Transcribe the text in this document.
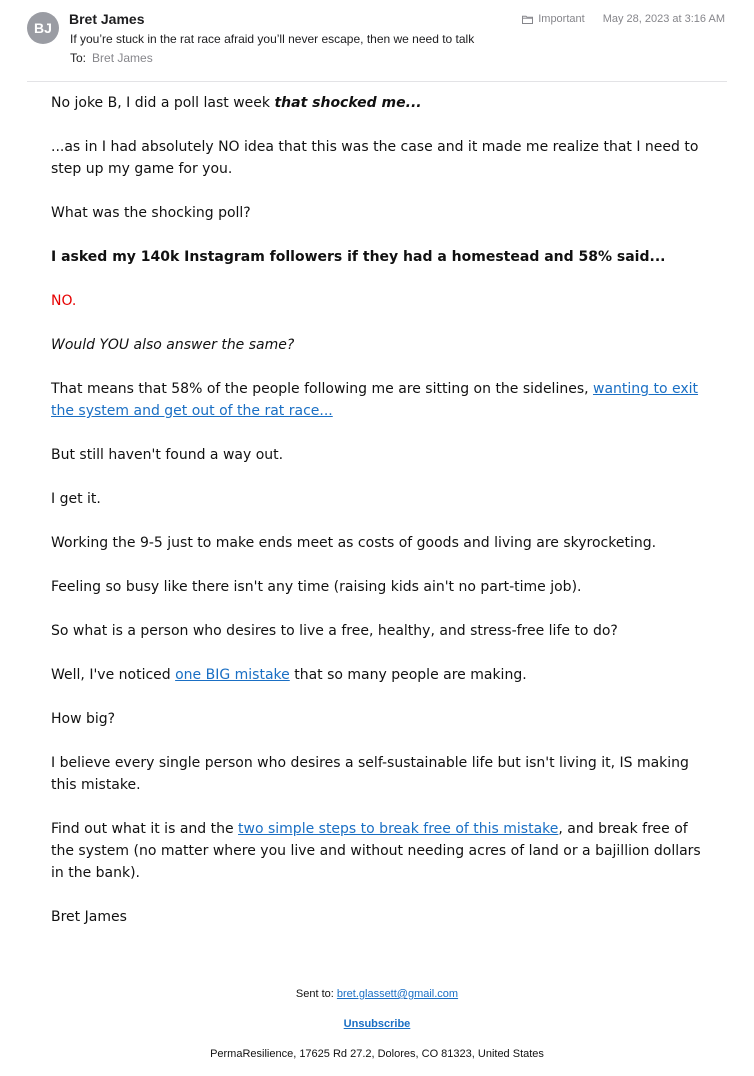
BJ
Bret James
If you’re stuck in the rat race afraid you’ll never escape, then we need to talk
To: Bret James
Important May 28, 2023 at 3:16 AM

No joke B, I did a poll last week that shocked me...

...as in I had absolutely NO idea that this was the case and it made me realize that I need to step up my game for you.

What was the shocking poll?

I asked my 140k Instagram followers if they had a homestead and 58% said...

NO.

Would YOU also answer the same?

That means that 58% of the people following me are sitting on the sidelines, wanting to exit the system and get out of the rat race...

But still haven't found a way out.

I get it.

Working the 9-5 just to make ends meet as costs of goods and living are skyrocketing.

Feeling so busy like there isn't any time (raising kids ain't no part-time job).

So what is a person who desires to live a free, healthy, and stress-free life to do?

Well, I've noticed one BIG mistake that so many people are making.

How big?

I believe every single person who desires a self-sustainable life but isn't living it, IS making this mistake.

Find out what it is and the two simple steps to break free of this mistake, and break free of the system (no matter where you live and without needing acres of land or a bajillion dollars in the bank).

Bret James

Sent to: bret.glassett@gmail.com
Unsubscribe
PermaResilience, 17625 Rd 27.2, Dolores, CO 81323, United States
